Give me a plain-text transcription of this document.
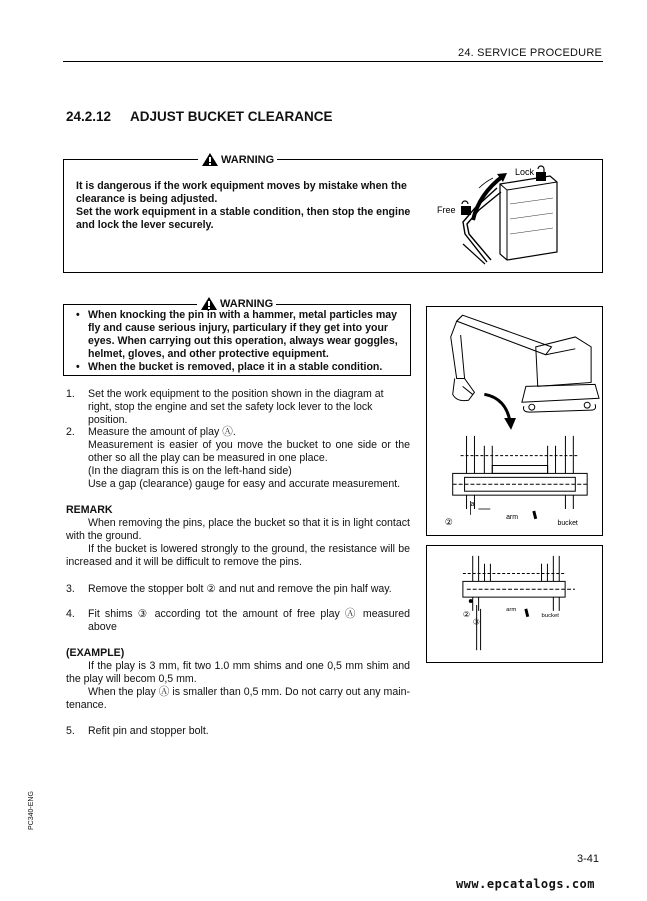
24. SERVICE PROCEDURE
24.2.12 ADJUST BUCKET CLEARANCE
WARNING

It is dangerous if the work equipment moves by mistake when the clearance is being adjusted.

Set the work equipment in a stable condition, then stop the engine and lock the lever securely.

Lock
Free
WARNING
• When knocking the pin in with a hammer, metal particles may fly and cause serious injury, particulary if they get into your eyes. When carrying out this operation, always wear goggles, helmet, gloves, and other protective equipment.
• When the bucket is removed, place it in a stable condition.
1. Set the work equipment to the position shown in the diagram at right, stop the engine and set the safety lock lever to the lock position.

2. Measure the amount of play Ⓐ.

Measurement is easier of you move the bucket to one side or the other so all the play can be measured in one place.

(In the diagram this is on the left-hand side)

Use a gap (clearance) gauge for easy and accurate measurement.

REMARK

When removing the pins, place the bucket so that it is in light contact with the ground.

If the bucket is lowered strongly to the ground, the resistance will be increased and it will be difficult to remove the pins.

3. Remove the stopper bolt ② and nut and remove the pin half way.

4. Fit shims ③ according tot the amount of free play Ⓐ measured above

(EXAMPLE)

If the play is 3 mm, fit two 1.0 mm shims and one 0,5 mm shim and the play will becom 0,5 mm.

When the play Ⓐ is smaller than 0,5 mm. Do not carry out any main- tenance.

5. Refit pin and stopper bolt.

a
arm
bucket
②
②
③
arm
bucket
PC340-ENG
3-41
www.epcatalogs.com
